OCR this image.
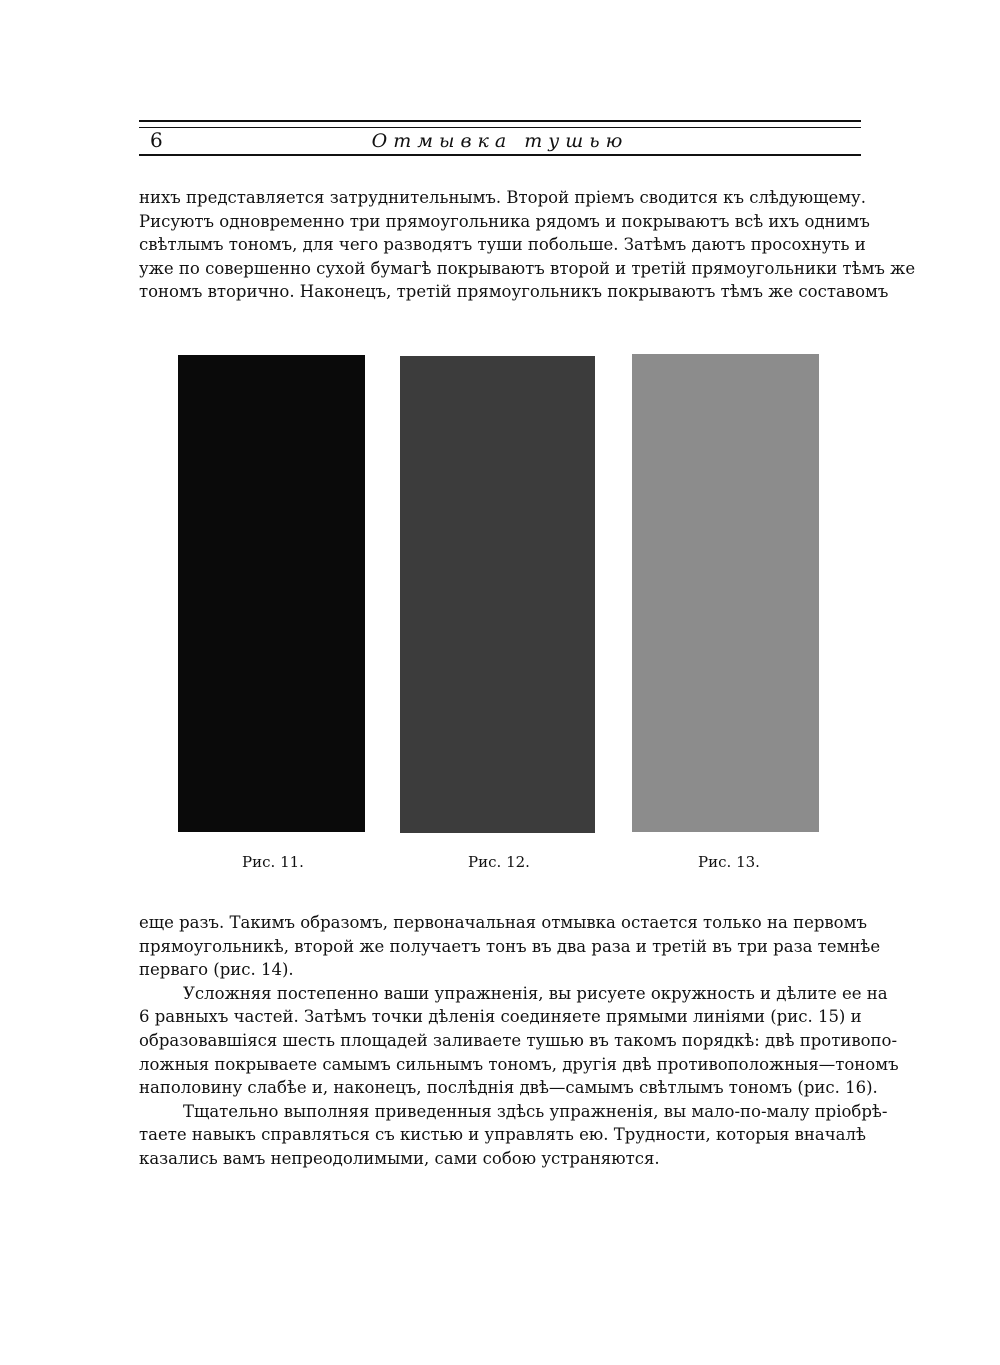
6	Отмывка тушью

нихъ представляется затруднительнымъ. Второй пріемъ сводится къ слѣдующему.
Рисуютъ одновременно три прямоугольника рядомъ и покрываютъ всѣ ихъ однимъ
свѣтлымъ тономъ, для чего разводятъ туши побольше. Затѣмъ даютъ просохнуть и
уже по совершенно сухой бумагѣ покрываютъ второй и третій прямоугольники тѣмъ же
тономъ вторично. Наконецъ, третій прямоугольникъ покрываютъ тѣмъ же составомъ

Рис. 11.	Рис. 12.	Рис. 13.
еще разъ. Такимъ образомъ, первоначальная отмывка остается только на первомъ
прямоугольникѣ, второй же получаетъ тонъ въ два раза и третій въ три раза темнѣе
перваго (рис. 14).
Усложняя постепенно ваши упражненія, вы рисуете окружность и дѣлите ее на
6 равныхъ частей. Затѣмъ точки дѣленія соединяете прямыми линіями (рис. 15) и
образовавшіяся шесть площадей заливаете тушью въ такомъ порядкѣ: двѣ противопо-
ложныя покрываете самымъ сильнымъ тономъ, другія двѣ противоположныя—тономъ
наполовину слабѣе и, наконецъ, послѣднія двѣ—самымъ свѣтлымъ тономъ (рис. 16).
Тщательно выполняя приведенныя здѣсь упражненія, вы мало-по-малу пріобрѣ-
таете навыкъ справляться съ кистью и управлять ею. Трудности, которыя вначалѣ
казались вамъ непреодолимыми, сами собою устраняются.
